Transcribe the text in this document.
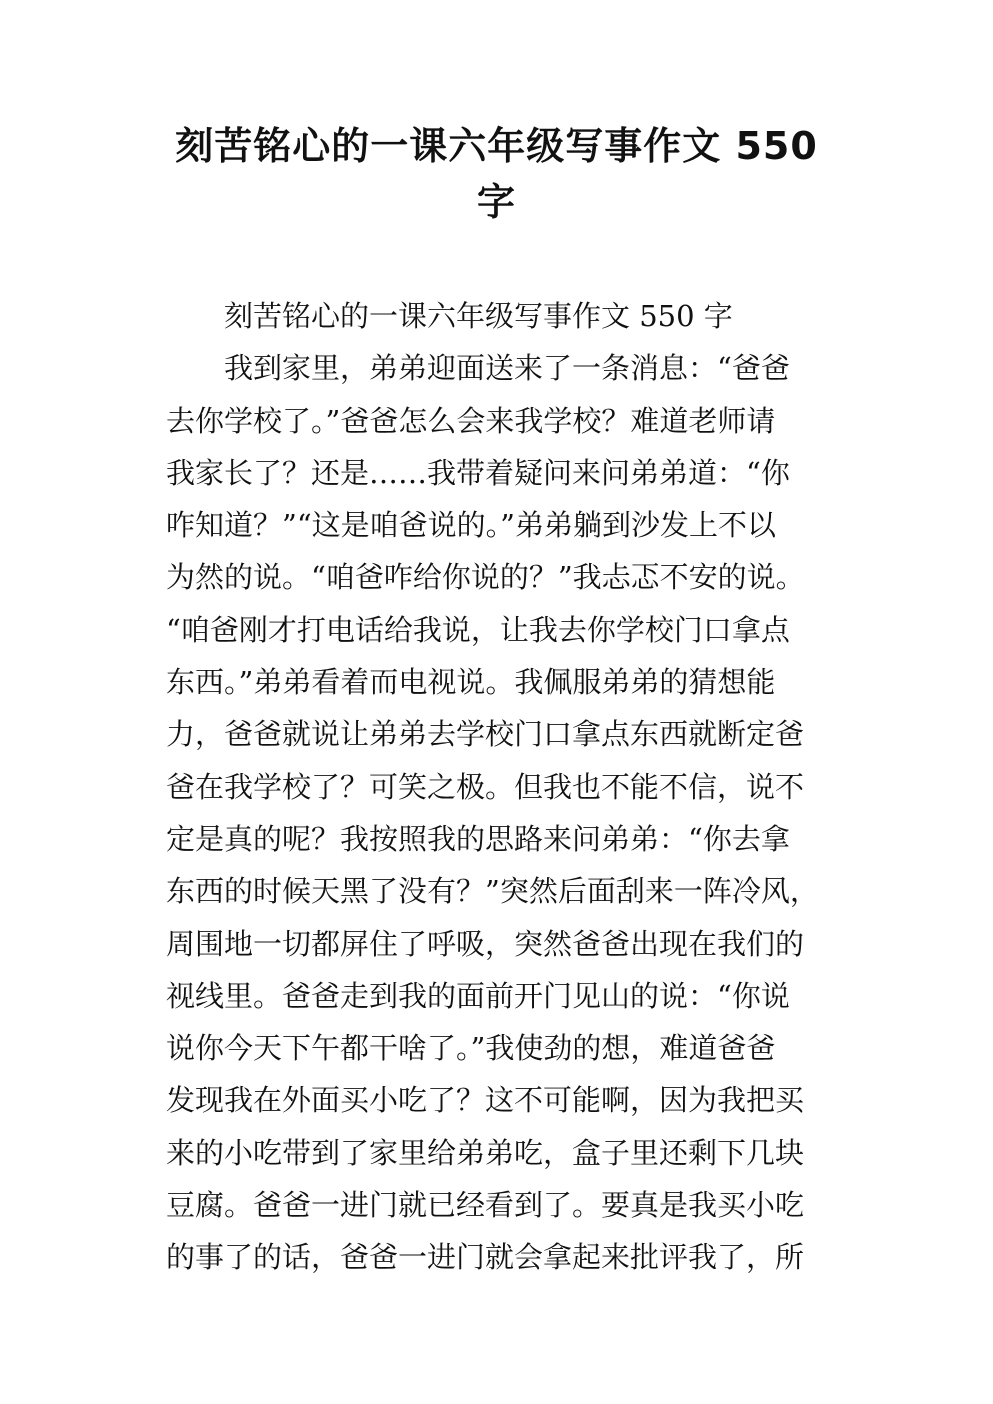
刻苦铭心的一课六年级写事作文 550
字
刻苦铭心的一课六年级写事作文 550 字
我到家里，弟弟迎面送来了一条消息：“爸爸
去你学校了。”爸爸怎么会来我学校？难道老师请
我家长了？还是……我带着疑问来问弟弟道：“你
咋知道？”“这是咱爸说的。”弟弟躺到沙发上不以
为然的说。“咱爸咋给你说的？”我忐忑不安的说。
“咱爸刚才打电话给我说，让我去你学校门口拿点
东西。”弟弟看着而电视说。我佩服弟弟的猜想能
力，爸爸就说让弟弟去学校门口拿点东西就断定爸
爸在我学校了？可笑之极。但我也不能不信，说不
定是真的呢？我按照我的思路来问弟弟：“你去拿
东西的时候天黑了没有？”突然后面刮来一阵冷风，
周围地一切都屏住了呼吸，突然爸爸出现在我们的
视线里。爸爸走到我的面前开门见山的说：“你说
说你今天下午都干啥了。”我使劲的想，难道爸爸
发现我在外面买小吃了？这不可能啊，因为我把买
来的小吃带到了家里给弟弟吃，盒子里还剩下几块
豆腐。爸爸一进门就已经看到了。要真是我买小吃
的事了的话，爸爸一进门就会拿起来批评我了，所
